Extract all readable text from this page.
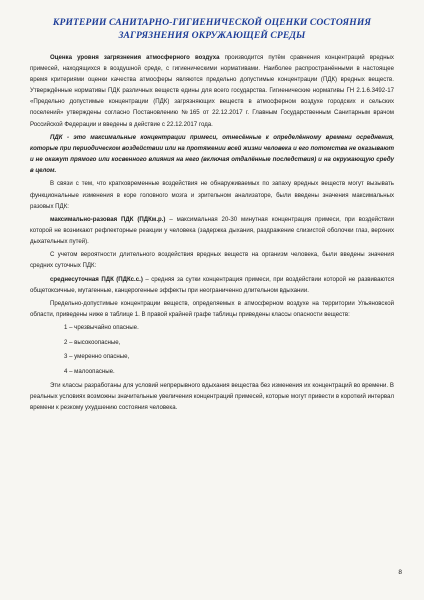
КРИТЕРИИ САНИТАРНО-ГИГИЕНИЧЕСКОЙ ОЦЕНКИ СОСТОЯНИЯ ЗАГРЯЗНЕНИЯ ОКРУЖАЮЩЕЙ СРЕДЫ

Оценка уровня загрязнения атмосферного воздуха производится путём сравнения концентраций вредных примесей, находящихся в воздушной среде, с гигиеническими нормативами. Наиболее распространёнными в настоящее время критериями оценки качества атмосферы являются предельно допустимые концентрации (ПДК) вредных веществ. Утверждённые нормативы ПДК различных веществ едины для всего государства. Гигиенические нормативы ГН 2.1.6.3492-17 «Предельно допустимые концентрации (ПДК) загрязняющих веществ в атмосферном воздухе городских и сельских поселений» утверждены согласно Постановлению №165 от 22.12.2017 г. Главным Государственным Санитарным врачом Российской Федерации и введены в действие с 22.12.2017 года.

ПДК - это максимальные концентрации примеси, отнесённые к определённому времени осреднения, которые при периодическом воздействии или на протяжении всей жизни человека и его потомства не оказывают и не окажут прямого или косвенного влияния на него (включая отдалённые последствия) и на окружающую среду в целом.

В связи с тем, что кратковременные воздействия не обнаруживаемых по запаху вредных веществ могут вызывать функциональные изменения в коре головного мозга и зрительном анализаторе, были введены значения максимальных разовых ПДК:

максимально-разовая ПДК (ПДКм.р.) – максимальная 20-30 минутная концентрация примеси, при воздействии которой не возникают рефлекторные реакции у человека (задержка дыхания, раздражение слизистой оболочки глаз, верхних дыхательных путей).

С учетом вероятности длительного воздействия вредных веществ на организм человека, были введены значения средних суточных ПДК:

среднесуточная ПДК (ПДКс.с.) – средняя за сутки концентрация примеси, при воздействии которой не развиваются общетоксичные, мутагенные, канцерогенные эффекты при неограниченно длительном вдыхании.

Предельно-допустимые концентрации веществ, определяемых в атмосферном воздухе на территории Ульяновской области, приведены ниже в таблице 1. В правой крайней графе таблицы приведены классы опасности веществ:

1 – чрезвычайно опасные.
2 – высокоопасные,
3 – умеренно опасные,
4 – малоопасные.

Эти классы разработаны для условий непрерывного вдыхания вещества без изменения их концентраций во времени. В реальных условиях возможны значительные увеличения концентраций примесей, которые могут привести в короткий интервал времени к резкому ухудшению состояния человека.

8
